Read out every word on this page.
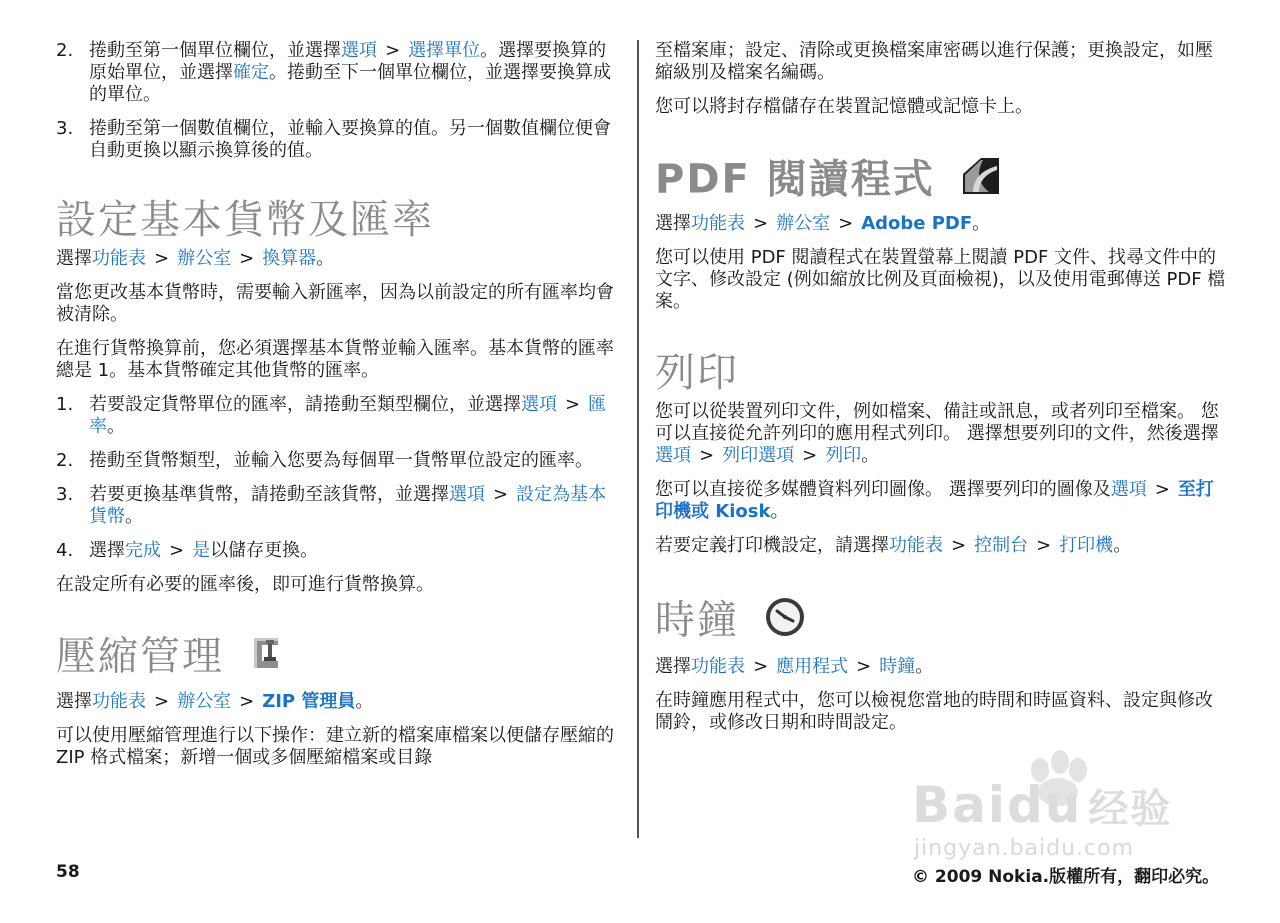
2. 捲動至第一個單位欄位，並選擇選項 > 選擇單位。選擇要換算的原始單位，並選擇確定。捲動至下一個單位欄位，並選擇要換算成的單位。
3. 捲動至第一個數值欄位，並輸入要換算的值。另一個數值欄位便會自動更換以顯示換算後的值。
設定基本貨幣及匯率

選擇功能表 > 辦公室 > 換算器。

當您更改基本貨幣時，需要輸入新匯率，因為以前設定的所有匯率均會被清除。

在進行貨幣換算前，您必須選擇基本貨幣並輸入匯率。基本貨幣的匯率總是 1。基本貨幣確定其他貨幣的匯率。

1. 若要設定貨幣單位的匯率，請捲動至類型欄位，並選擇選項 > 匯率。
2. 捲動至貨幣類型，並輸入您要為每個單一貨幣單位設定的匯率。
3. 若要更換基準貨幣，請捲動至該貨幣，並選擇選項 > 設定為基本貨幣。
4. 選擇完成 > 是以儲存更換。

在設定所有必要的匯率後，即可進行貨幣換算。

壓縮管理

選擇功能表 > 辦公室 > ZIP 管理員。

可以使用壓縮管理進行以下操作：建立新的檔案庫檔案以便儲存壓縮的 ZIP 格式檔案；新增一個或多個壓縮檔案或目錄

至檔案庫；設定、清除或更換檔案庫密碼以進行保護；更換設定，如壓縮級別及檔案名編碼。

您可以將封存檔儲存在裝置記憶體或記憶卡上。

PDF 閱讀程式

選擇功能表 > 辦公室 > Adobe PDF。

您可以使用 PDF 閱讀程式在裝置螢幕上閱讀 PDF 文件、找尋文件中的文字、修改設定 (例如縮放比例及頁面檢視)，以及使用電郵傳送 PDF 檔案。

列印

您可以從裝置列印文件，例如檔案、備註或訊息，或者列印至檔案。 您可以直接從允許列印的應用程式列印。 選擇想要列印的文件，然後選擇選項 > 列印選項 > 列印。

您可以直接從多媒體資料列印圖像。 選擇要列印的圖像及選項 > 至打印機或 Kiosk。

若要定義打印機設定，請選擇功能表 > 控制台 > 打印機。

時鐘

選擇功能表 > 應用程式 > 時鐘。

在時鐘應用程式中，您可以檢視您當地的時間和時區資料、設定與修改鬧鈴，或修改日期和時間設定。

Baidu 经验
jingyan.baidu.com
58	© 2009 Nokia.版權所有，翻印必究。
